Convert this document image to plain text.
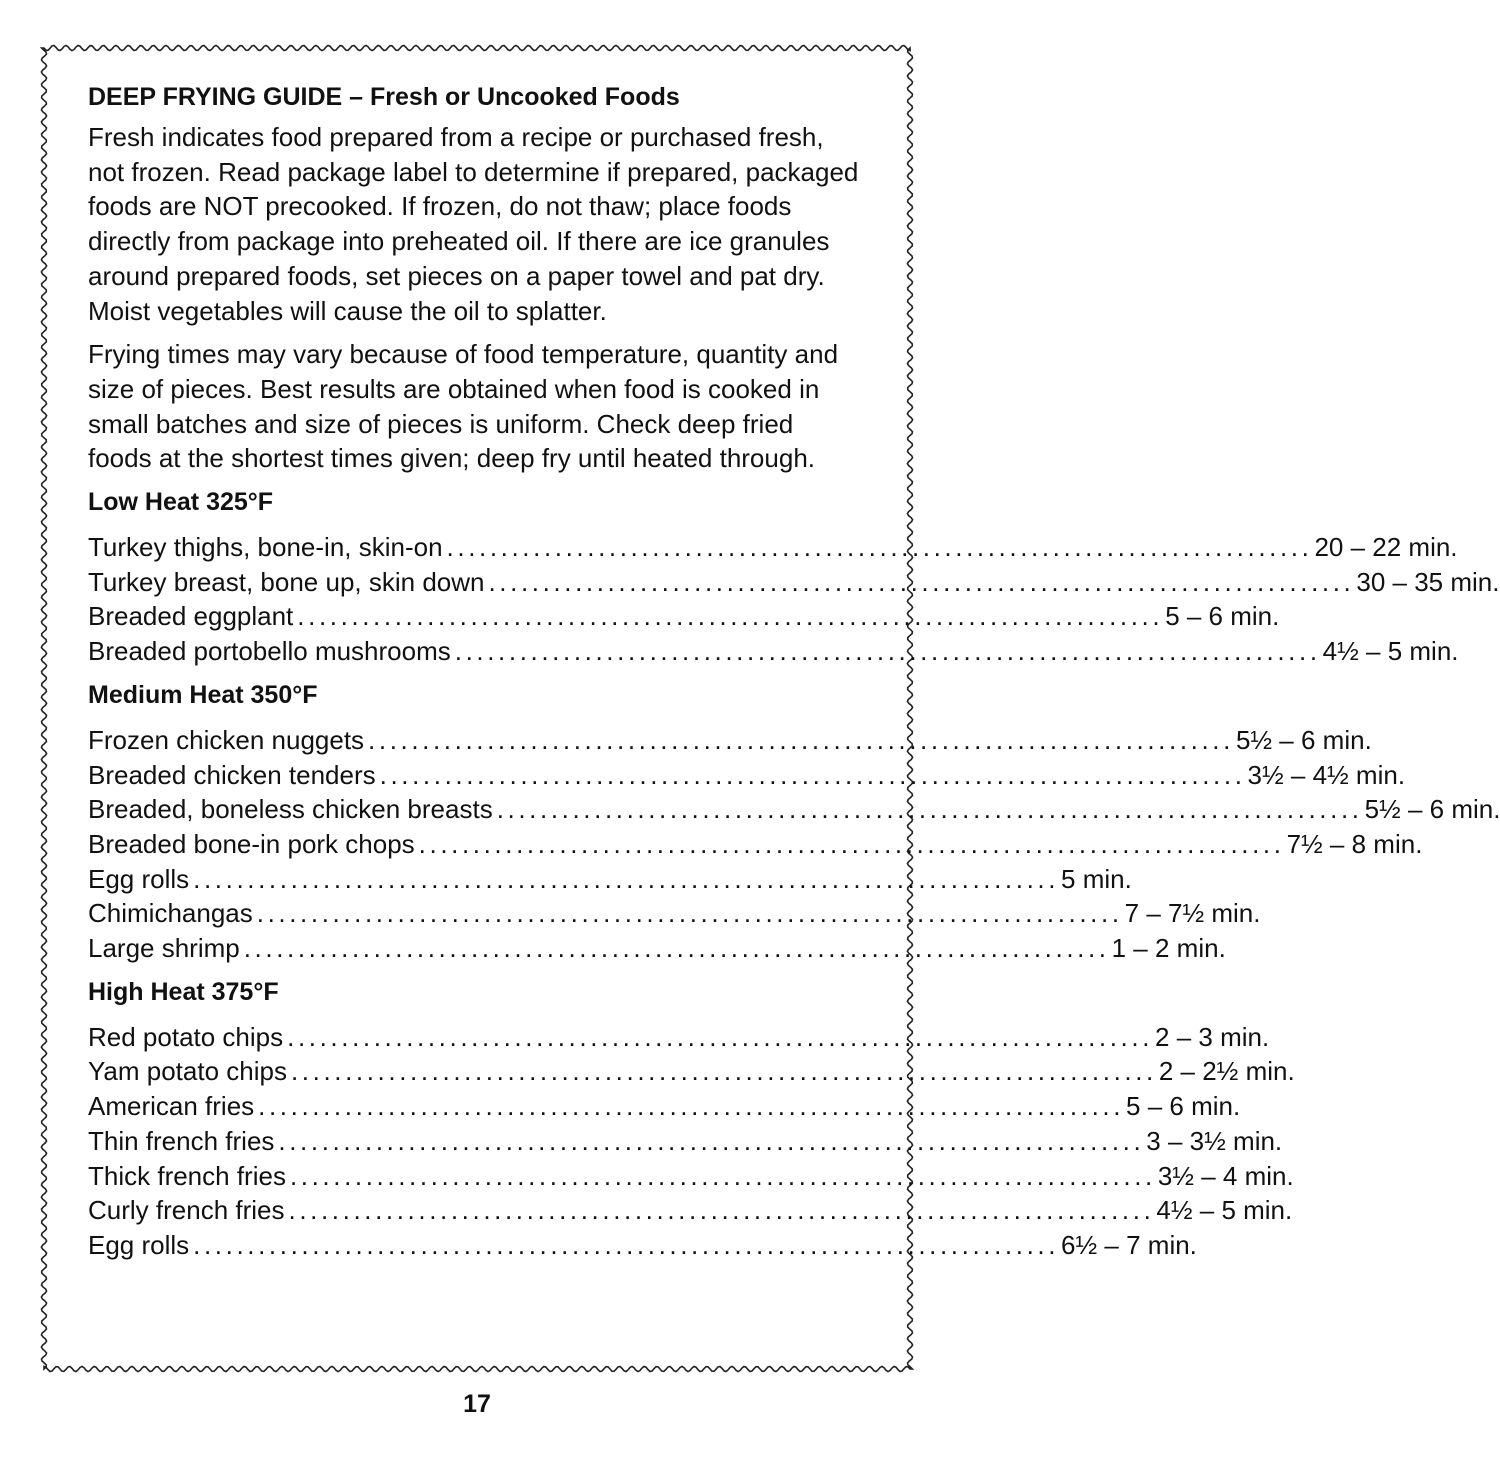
DEEP FRYING GUIDE – Fresh or Uncooked Foods

Fresh indicates food prepared from a recipe or purchased fresh, not frozen. Read package label to determine if prepared, packaged foods are NOT precooked. If frozen, do not thaw; place foods directly from package into preheated oil. If there are ice granules around prepared foods, set pieces on a paper towel and pat dry. Moist vegetables will cause the oil to splatter.

Frying times may vary because of food temperature, quantity and size of pieces. Best results are obtained when food is cooked in small batches and size of pieces is uniform. Check deep fried foods at the shortest times given; deep fry until heated through.

Low Heat 325°F
Turkey thighs, bone-in, skin-on ................................................................................ 20 – 22 min.
Turkey breast, bone up, skin down ................................................................................ 30 – 35 min.
Breaded eggplant ................................................................................ 5 – 6 min.
Breaded portobello mushrooms ................................................................................ 4½ – 5 min.
Medium Heat 350°F
Frozen chicken nuggets ................................................................................ 5½ – 6 min.
Breaded chicken tenders ................................................................................ 3½ – 4½ min.
Breaded, boneless chicken breasts ................................................................................ 5½ – 6 min.
Breaded bone-in pork chops ................................................................................ 7½ – 8 min.
Egg rolls ................................................................................ 5 min.
Chimichangas ................................................................................ 7 – 7½ min.
Large shrimp ................................................................................ 1 – 2 min.
High Heat 375°F
Red potato chips ................................................................................ 2 – 3 min.
Yam potato chips ................................................................................ 2 – 2½ min.
American fries ................................................................................ 5 – 6 min.
Thin french fries ................................................................................ 3 – 3½ min.
Thick french fries ................................................................................ 3½ – 4 min.
Curly french fries ................................................................................ 4½ – 5 min.
Egg rolls ................................................................................ 6½ – 7 min.
17
